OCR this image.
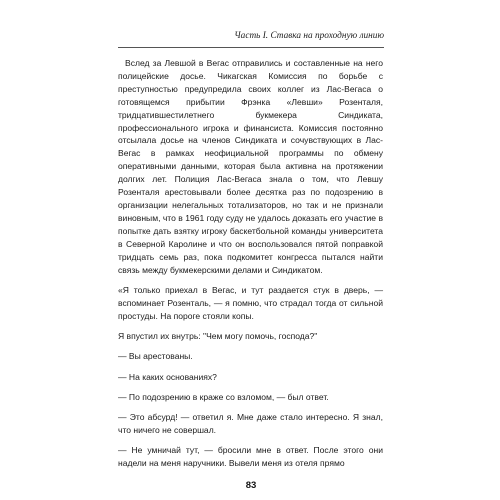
Часть I. Ставка на проходную линию

Вслед за Левшой в Вегас отправились и составленные на него полицейские досье. Чикагская Комиссия по борьбе с преступностью предупредила своих коллег из Лас-Вегаса о готовящемся прибытии Фрэнка «Левши» Розенталя, тридцатившестилетнего букмекера Синдиката, профессионального игрока и финансиста. Комиссия постоянно отсылала досье на членов Синдиката и сочувствующих в Лас-Вегас в рамках неофициальной программы по обмену оперативными данными, которая была активна на протяжении долгих лет. Полиция Лас-Вегаса знала о том, что Левшу Розенталя арестовывали более десятка раз по подозрению в организации нелегальных тотализаторов, но так и не признали виновным, что в 1961 году суду не удалось доказать его участие в попытке дать взятку игроку баскетбольной команды университета в Северной Каролине и что он воспользовался пятой поправкой тридцать семь раз, пока подкомитет конгресса пытался найти связь между букмекерскими делами и Синдикатом.

«Я только приехал в Вегас, и тут раздается стук в дверь, — вспоминает Розенталь, — я помню, что страдал тогда от сильной простуды. На пороге стояли копы.

Я впустил их внутрь: "Чем могу помочь, господа?"

— Вы арестованы.

— На каких основаниях?

— По подозрению в краже со взломом, — был ответ.

— Это абсурд! — ответил я. Мне даже стало интересно. Я знал, что ничего не совершал.

— Не умничай тут, — бросили мне в ответ. После этого они надели на меня наручники. Вывели меня из отеля прямо

83
